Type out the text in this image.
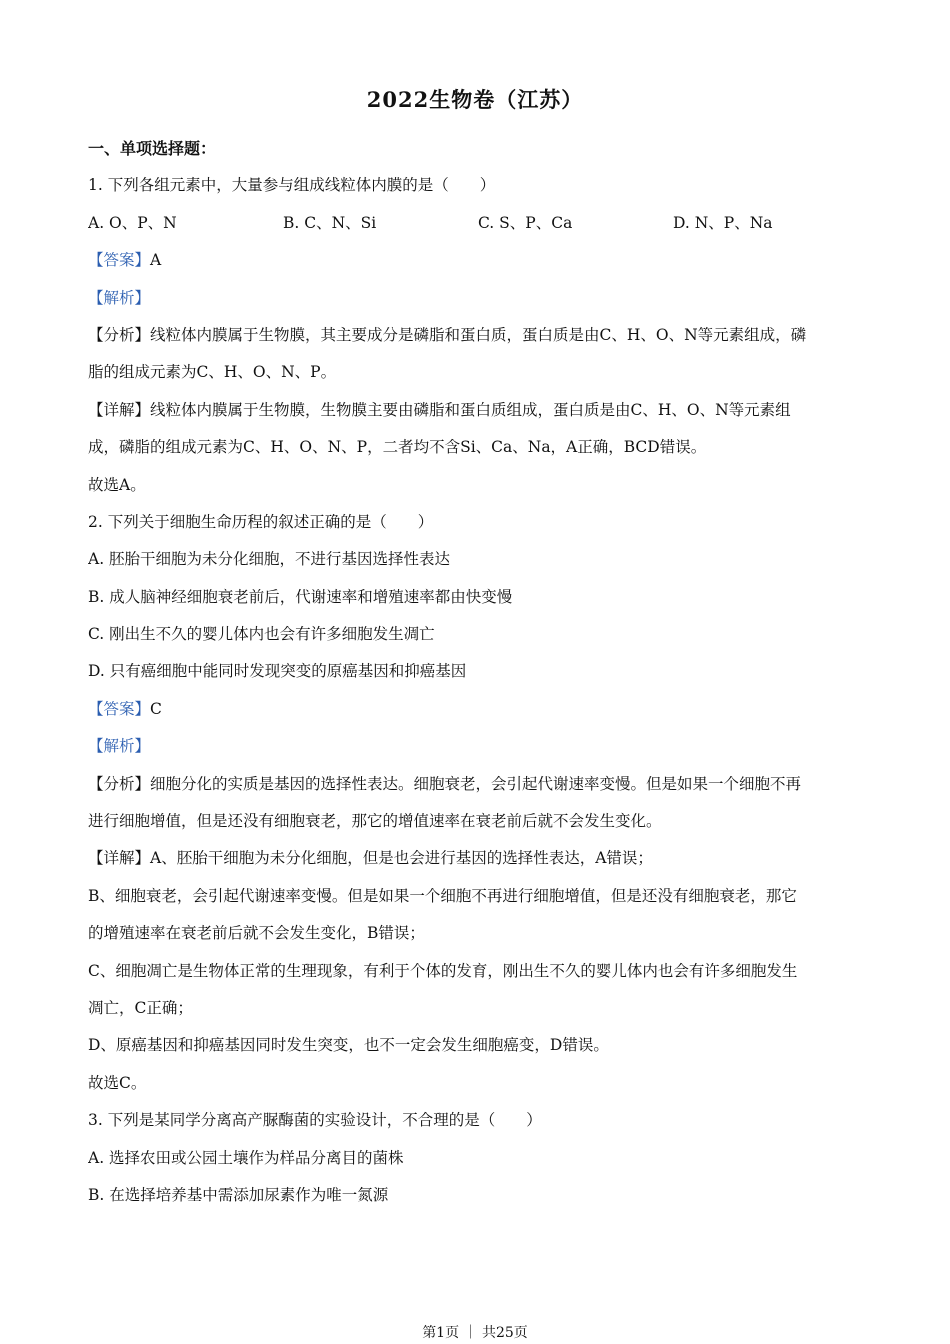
2022生物卷（江苏）
一、单项选择题：
1. 下列各组元素中，大量参与组成线粒体内膜的是（　　）
A. O、P、N	B. C、N、Si	C. S、P、Ca	D. N、P、Na
【答案】A
【解析】
【分析】线粒体内膜属于生物膜，其主要成分是磷脂和蛋白质，蛋白质是由C、H、O、N等元素组成，磷
脂的组成元素为C、H、O、N、P。
【详解】线粒体内膜属于生物膜，生物膜主要由磷脂和蛋白质组成，蛋白质是由C、H、O、N等元素组
成，磷脂的组成元素为C、H、O、N、P，二者均不含Si、Ca、Na，A正确，BCD错误。
故选A。
2. 下列关于细胞生命历程的叙述正确的是（　　）
A. 胚胎干细胞为未分化细胞，不进行基因选择性表达
B. 成人脑神经细胞衰老前后，代谢速率和增殖速率都由快变慢
C. 刚出生不久的婴儿体内也会有许多细胞发生凋亡
D. 只有癌细胞中能同时发现突变的原癌基因和抑癌基因
【答案】C
【解析】
【分析】细胞分化的实质是基因的选择性表达。细胞衰老，会引起代谢速率变慢。但是如果一个细胞不再
进行细胞增值，但是还没有细胞衰老，那它的增值速率在衰老前后就不会发生变化。
【详解】A、胚胎干细胞为未分化细胞，但是也会进行基因的选择性表达，A错误；
B、细胞衰老，会引起代谢速率变慢。但是如果一个细胞不再进行细胞增值，但是还没有细胞衰老，那它
的增殖速率在衰老前后就不会发生变化，B错误；
C、细胞凋亡是生物体正常的生理现象，有利于个体的发育，刚出生不久的婴儿体内也会有许多细胞发生
凋亡，C正确；
D、原癌基因和抑癌基因同时发生突变，也不一定会发生细胞癌变，D错误。
故选C。
3. 下列是某同学分离高产脲酶菌的实验设计，不合理的是（　　）
A. 选择农田或公园土壤作为样品分离目的菌株
B. 在选择培养基中需添加尿素作为唯一氮源
第1页 ｜ 共25页
